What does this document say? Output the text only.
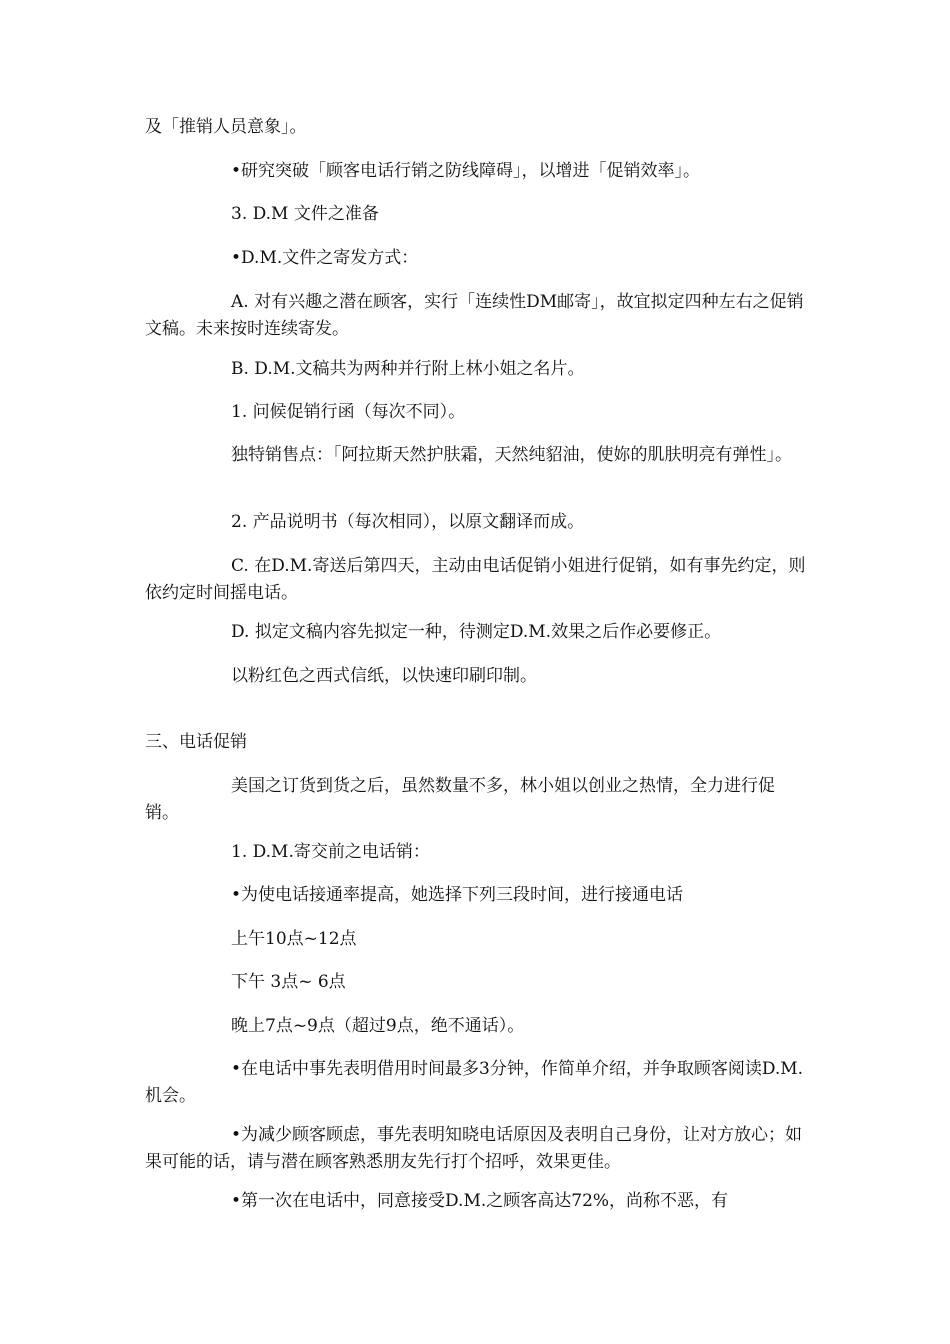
及「推销人员意象」。

•研究突破「顾客电话行销之防线障碍」，以增进「促销效率」。

3. D.M 文件之准备

•D.M.文件之寄发方式：

A. 对有兴趣之潜在顾客，实行「连续性DM邮寄」，故宜拟定四种左右之促销文稿。未来按时连续寄发。

B. D.M.文稿共为两种并行附上林小姐之名片。

1. 问候促销行函（每次不同）。

独特销售点：「阿拉斯天然护肤霜，天然纯貂油，使妳的肌肤明亮有弹性」。

2. 产品说明书（每次相同），以原文翻译而成。

C. 在D.M.寄送后第四天，主动由电话促销小姐进行促销，如有事先约定，则依约定时间摇电话。

D. 拟定文稿内容先拟定一种，待测定D.M.效果之后作必要修正。

以粉红色之西式信纸，以快速印刷印制。

三、电话促销

美国之订货到货之后，虽然数量不多，林小姐以创业之热情，全力进行促销。

1. D.M.寄交前之电话销：

•为使电话接通率提高，她选择下列三段时间，进行接通电话

上午10点~12点

下午 3点~ 6点

晚上7点~9点（超过9点，绝不通话）。

•在电话中事先表明借用时间最多3分钟，作简单介绍，并争取顾客阅读D.M.机会。

•为减少顾客顾虑，事先表明知晓电话原因及表明自己身份，让对方放心；如果可能的话，请与潜在顾客熟悉朋友先行打个招呼，效果更佳。

•第一次在电话中，同意接受D.M.之顾客高达72%，尚称不恶，有
